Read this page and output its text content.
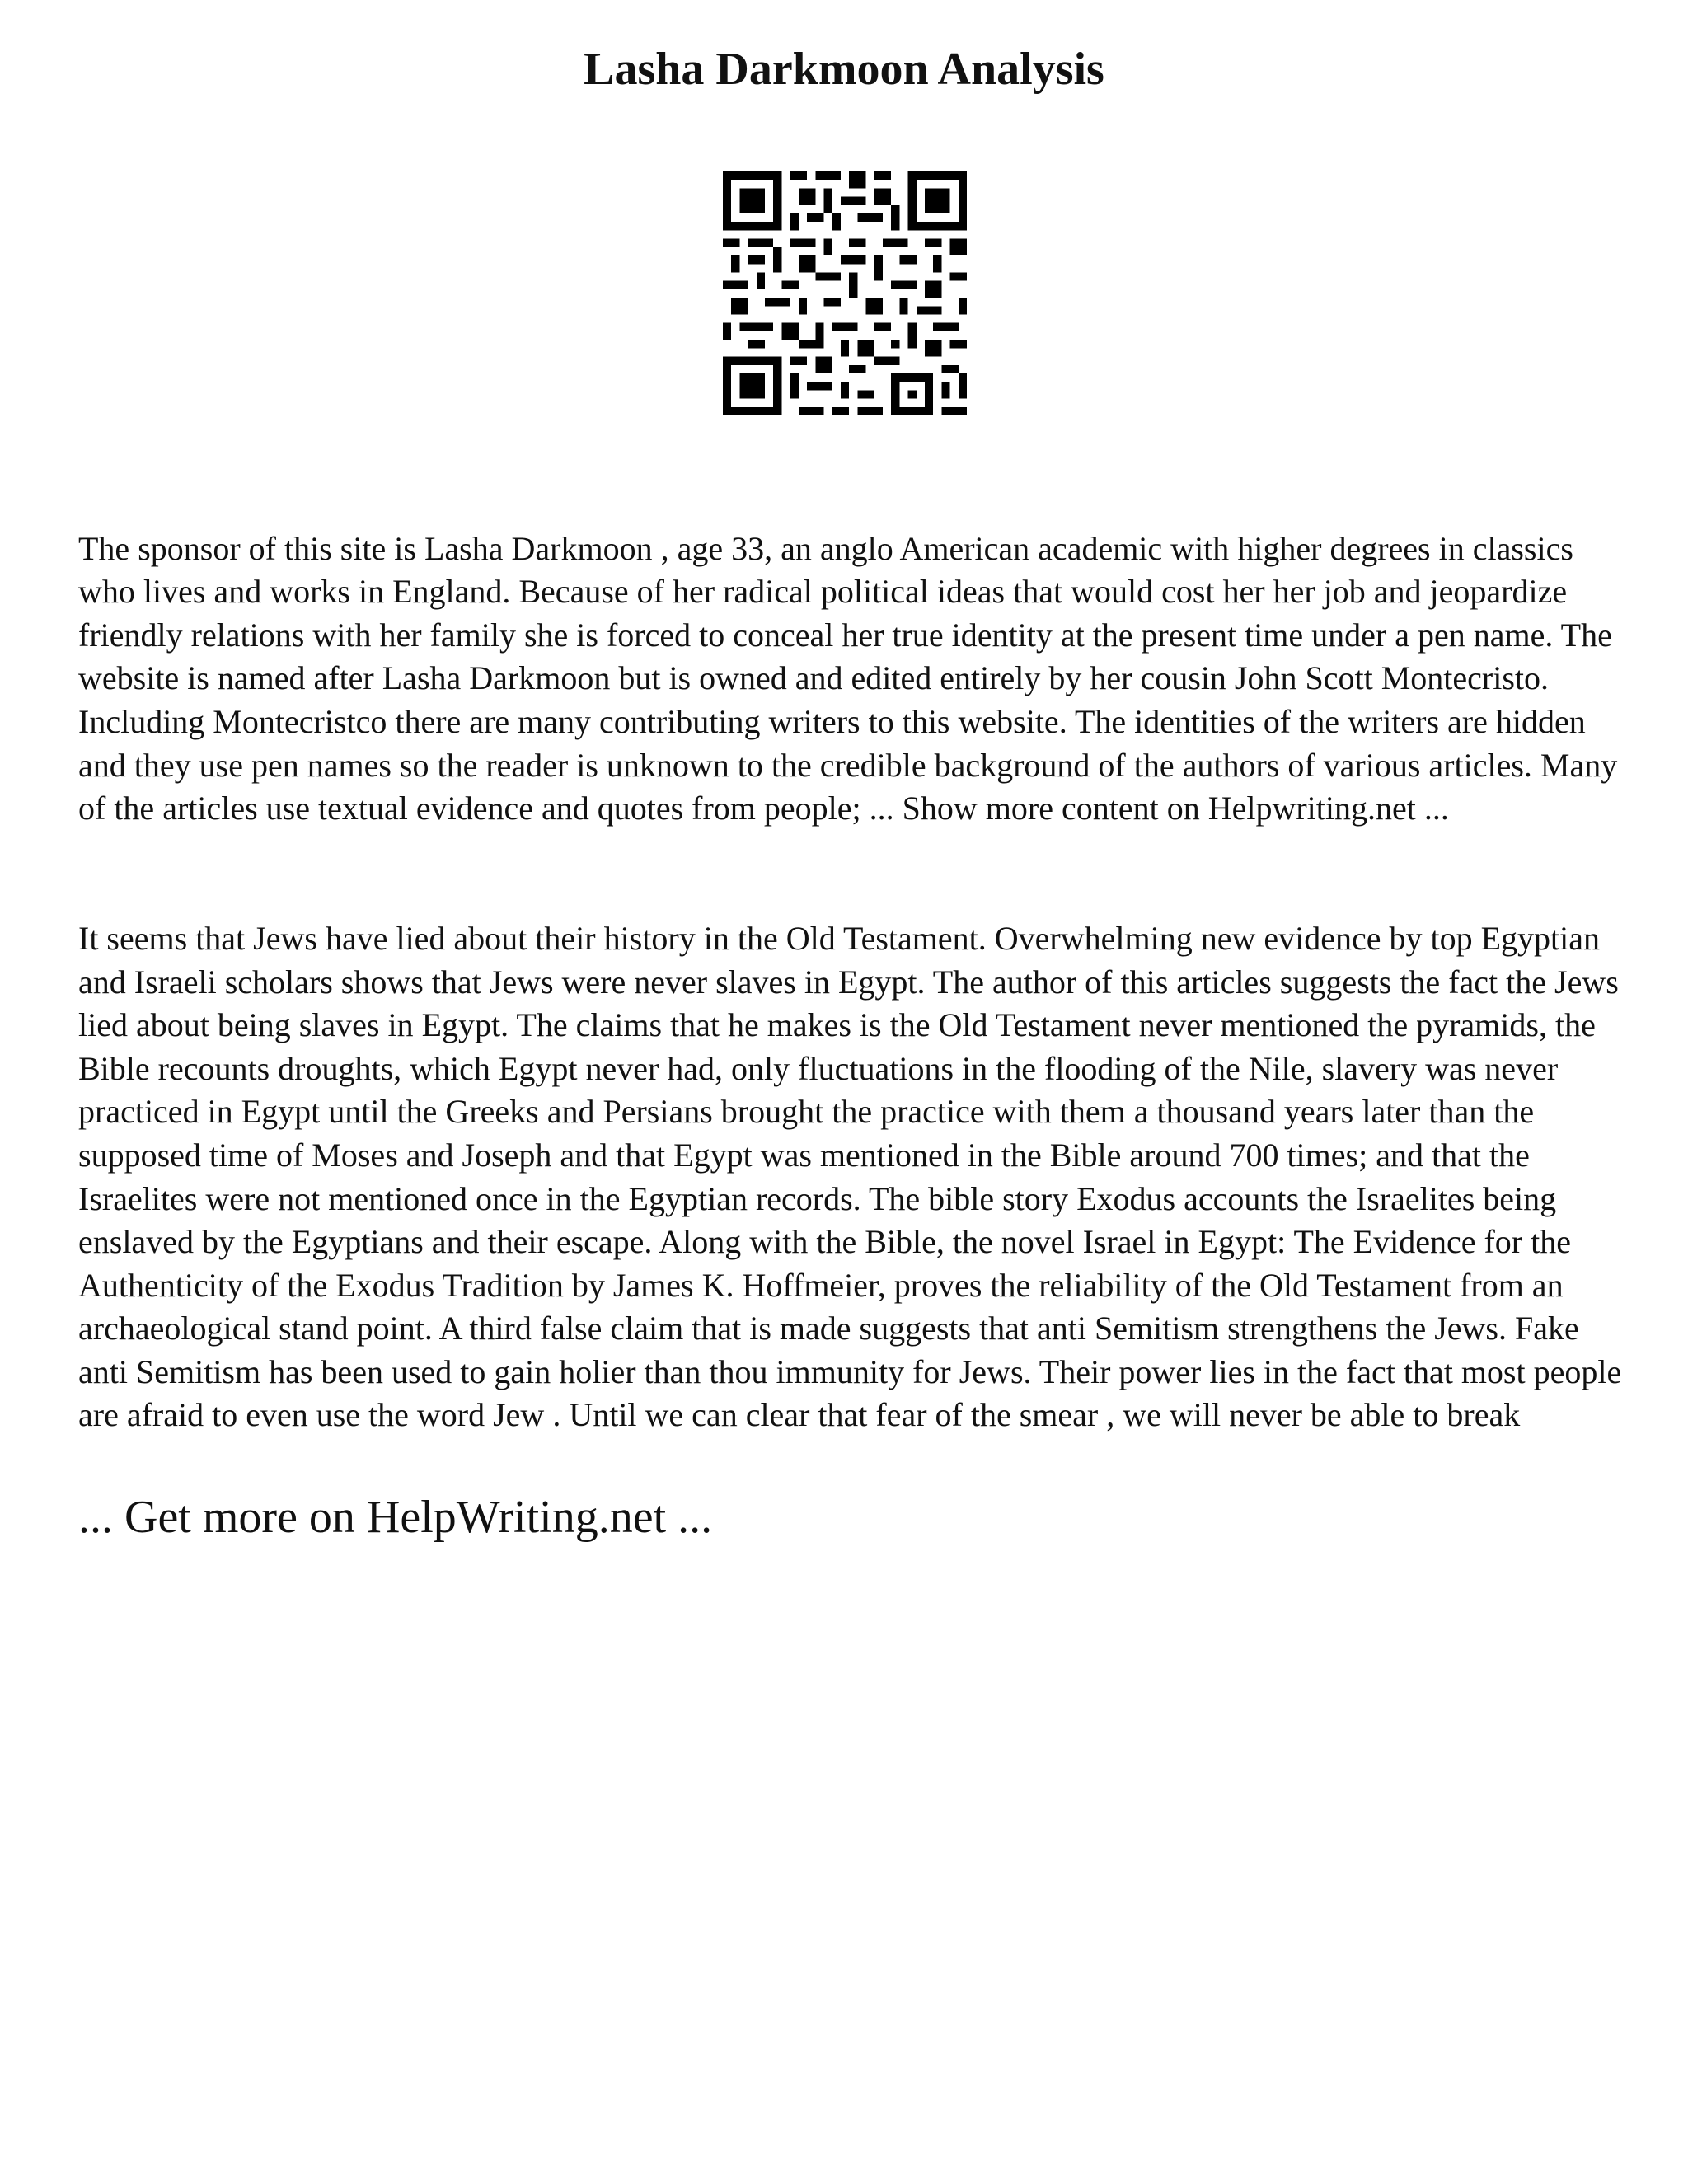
Lasha Darkmoon Analysis

The sponsor of this site is Lasha Darkmoon , age 33, an anglo American academic with higher degrees in classics who lives and works in England. Because of her radical political ideas that would cost her her job and jeopardize friendly relations with her family she is forced to conceal her true identity at the present time under a pen name. The website is named after Lasha Darkmoon but is owned and edited entirely by her cousin John Scott Montecristo. Including Montecristco there are many contributing writers to this website. The identities of the writers are hidden and they use pen names so the reader is unknown to the credible background of the authors of various articles. Many of the articles use textual evidence and quotes from people; ... Show more content on Helpwriting.net ...

It seems that Jews have lied about their history in the Old Testament. Overwhelming new evidence by top Egyptian and Israeli scholars shows that Jews were never slaves in Egypt. The author of this articles suggests the fact the Jews lied about being slaves in Egypt. The claims that he makes is the Old Testament never mentioned the pyramids, the Bible recounts droughts, which Egypt never had, only fluctuations in the flooding of the Nile, slavery was never practiced in Egypt until the Greeks and Persians brought the practice with them a thousand years later than the supposed time of Moses and Joseph and that Egypt was mentioned in the Bible around 700 times; and that the Israelites were not mentioned once in the Egyptian records. The bible story Exodus accounts the Israelites being enslaved by the Egyptians and their escape. Along with the Bible, the novel Israel in Egypt: The Evidence for the Authenticity of the Exodus Tradition by James K. Hoffmeier, proves the reliability of the Old Testament from an archaeological stand point. A third false claim that is made suggests that anti Semitism strengthens the Jews. Fake anti Semitism has been used to gain holier than thou immunity for Jews. Their power lies in the fact that most people are afraid to even use the word Jew . Until we can clear that fear of the smear , we will never be able to break

... Get more on HelpWriting.net ...
